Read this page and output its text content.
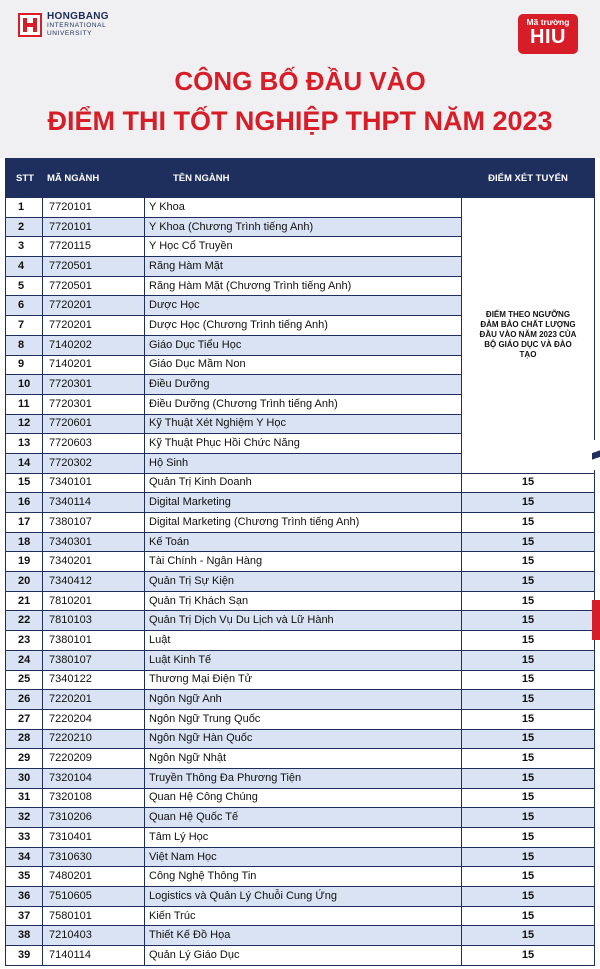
HONGBANG
INTERNATIONAL
UNIVERSITY
Mã trường
HIU
CÔNG BỐ ĐẦU VÀO
ĐIỂM THI TỐT NGHIỆP THPT NĂM 2023
STT	MÃ NGÀNH	TÊN NGÀNH	ĐIỂM XÉT TUYỂN
1	7720101	Y Khoa	ĐIỂM THEO NGƯỠNG ĐẢM BẢO CHẤT LƯỢNG ĐẦU VÀO NĂM 2023 CỦA BỘ GIÁO DỤC VÀ ĐÀO TẠO
2	7720101	Y Khoa (Chương Trình tiếng Anh)	
3	7720115	Y Học Cổ Truyền	
4	7720501	Răng Hàm Mặt	
5	7720501	Răng Hàm Mặt (Chương Trình tiếng Anh)	
6	7720201	Dược Học	
7	7720201	Dược Học (Chương Trình tiếng Anh)	
8	7140202	Giáo Dục Tiểu Học	
9	7140201	Giáo Dục Mầm Non	
10	7720301	Điều Dưỡng	
11	7720301	Điều Dưỡng (Chương Trình tiếng Anh)	
12	7720601	Kỹ Thuật Xét Nghiệm Y Học	
13	7720603	Kỹ Thuật Phục Hồi Chức Năng	
14	7720302	Hộ Sinh	
15	7340101	Quản Trị Kinh Doanh	15
16	7340114	Digital Marketing	15
17	7380107	Digital Marketing (Chương Trình tiếng Anh)	15
18	7340301	Kế Toán	15
19	7340201	Tài Chính - Ngân Hàng	15
20	7340412	Quản Trị Sự Kiện	15
21	7810201	Quản Trị Khách Sạn	15
22	7810103	Quản Trị Dịch Vụ Du Lịch và Lữ Hành	15
23	7380101	Luật	15
24	7380107	Luật Kinh Tế	15
25	7340122	Thương Mại Điện Tử	15
26	7220201	Ngôn Ngữ Anh	15
27	7220204	Ngôn Ngữ Trung Quốc	15
28	7220210	Ngôn Ngữ Hàn Quốc	15
29	7220209	Ngôn Ngữ Nhật	15
30	7320104	Truyền Thông Đa Phương Tiện	15
31	7320108	Quan Hệ Công Chúng	15
32	7310206	Quan Hệ Quốc Tế	15
33	7310401	Tâm Lý Học	15
34	7310630	Việt Nam Học	15
35	7480201	Công Nghệ Thông Tin	15
36	7510605	Logistics và Quản Lý Chuỗi Cung Ứng	15
37	7580101	Kiến Trúc	15
38	7210403	Thiết Kế Đồ Họa	15
39	7140114	Quản Lý Giáo Dục	15
